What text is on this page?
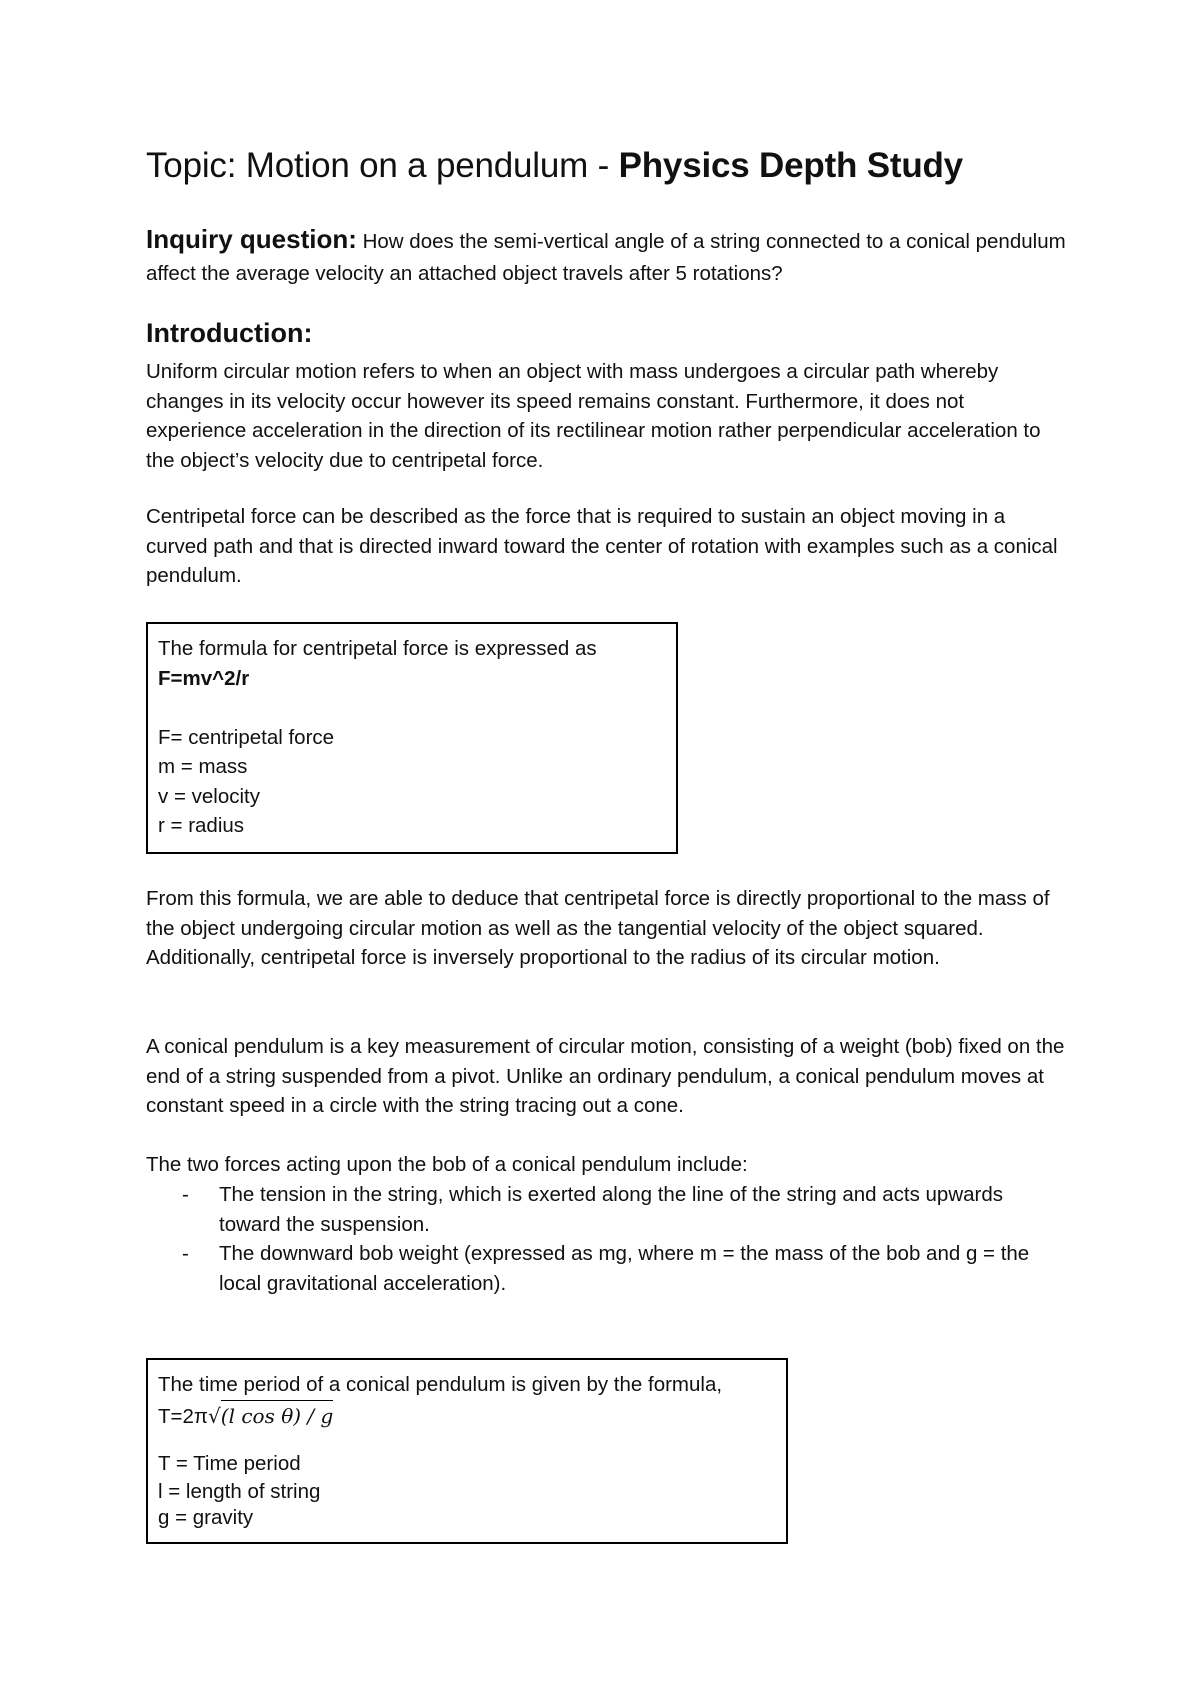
Topic: Motion on a pendulum - Physics Depth Study
Inquiry question: How does the semi-vertical angle of a string connected to a conical pendulum affect the average velocity an attached object travels after 5 rotations?
Introduction:

Uniform circular motion refers to when an object with mass undergoes a circular path whereby changes in its velocity occur however its speed remains constant. Furthermore, it does not experience acceleration in the direction of its rectilinear motion rather perpendicular acceleration to the object’s velocity due to centripetal force.

Centripetal force can be described as the force that is required to sustain an object moving in a curved path and that is directed inward toward the center of rotation with examples such as a conical pendulum.

The formula for centripetal force is expressed as
F=mv^2/r
F= centripetal force
m = mass
v = velocity
r = radius

From this formula, we are able to deduce that centripetal force is directly proportional to the mass of the object undergoing circular motion as well as the tangential velocity of the object squared. Additionally, centripetal force is inversely proportional to the radius of its circular motion.

A conical pendulum is a key measurement of circular motion, consisting of a weight (bob) fixed on the end of a string suspended from a pivot. Unlike an ordinary pendulum, a conical pendulum moves at constant speed in a circle with the string tracing out a cone.

The two forces acting upon the bob of a conical pendulum include:

- The tension in the string, which is exerted along the line of the string and acts upwards toward the suspension.
- The downward bob weight (expressed as mg, where m = the mass of the bob and g = the local gravitational acceleration).
The time period of a conical pendulum is given by the formula,
T=2π√(l cos θ) / g
T = Time period
l = length of string
g = gravity
